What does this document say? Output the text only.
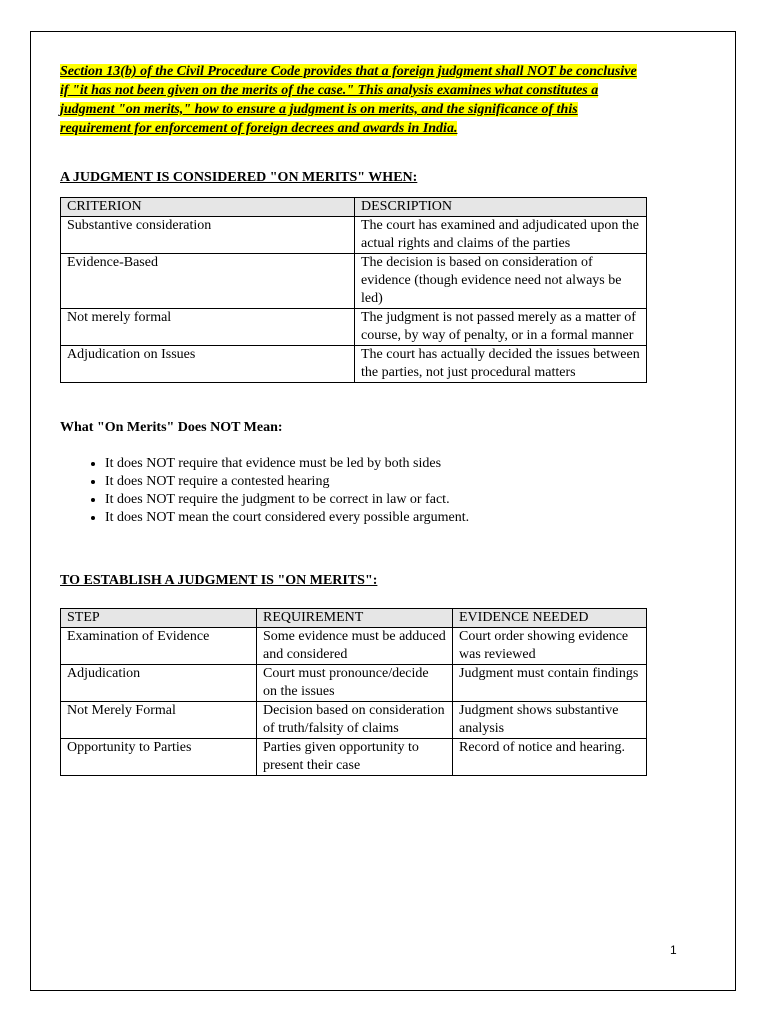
Section 13(b) of the Civil Procedure Code provides that a foreign judgment shall NOT be conclusive if "it has not been given on the merits of the case." This analysis examines what constitutes a judgment "on merits," how to ensure a judgment is on merits, and the significance of this requirement for enforcement of foreign decrees and awards in India.

A JUDGMENT IS CONSIDERED "ON MERITS" WHEN:
CRITERION	DESCRIPTION
Substantive consideration	The court has examined and adjudicated upon the actual rights and claims of the parties
Evidence-Based	The decision is based on consideration of evidence (though evidence need not always be led)
Not merely formal	The judgment is not passed merely as a matter of course, by way of penalty, or in a formal manner
Adjudication on Issues	The court has actually decided the issues between the parties, not just procedural matters
What "On Merits" Does NOT Mean:
• It does NOT require that evidence must be led by both sides
• It does NOT require a contested hearing
• It does NOT require the judgment to be correct in law or fact.
• It does NOT mean the court considered every possible argument.
TO ESTABLISH A JUDGMENT IS "ON MERITS":
STEP	REQUIREMENT	EVIDENCE NEEDED
Examination of Evidence	Some evidence must be adduced and considered	Court order showing evidence was reviewed
Adjudication	Court must pronounce/decide on the issues	Judgment must contain findings
Not Merely Formal	Decision based on consideration of truth/falsity of claims	Judgment shows substantive analysis
Opportunity to Parties	Parties given opportunity to present their case	Record of notice and hearing.
1
